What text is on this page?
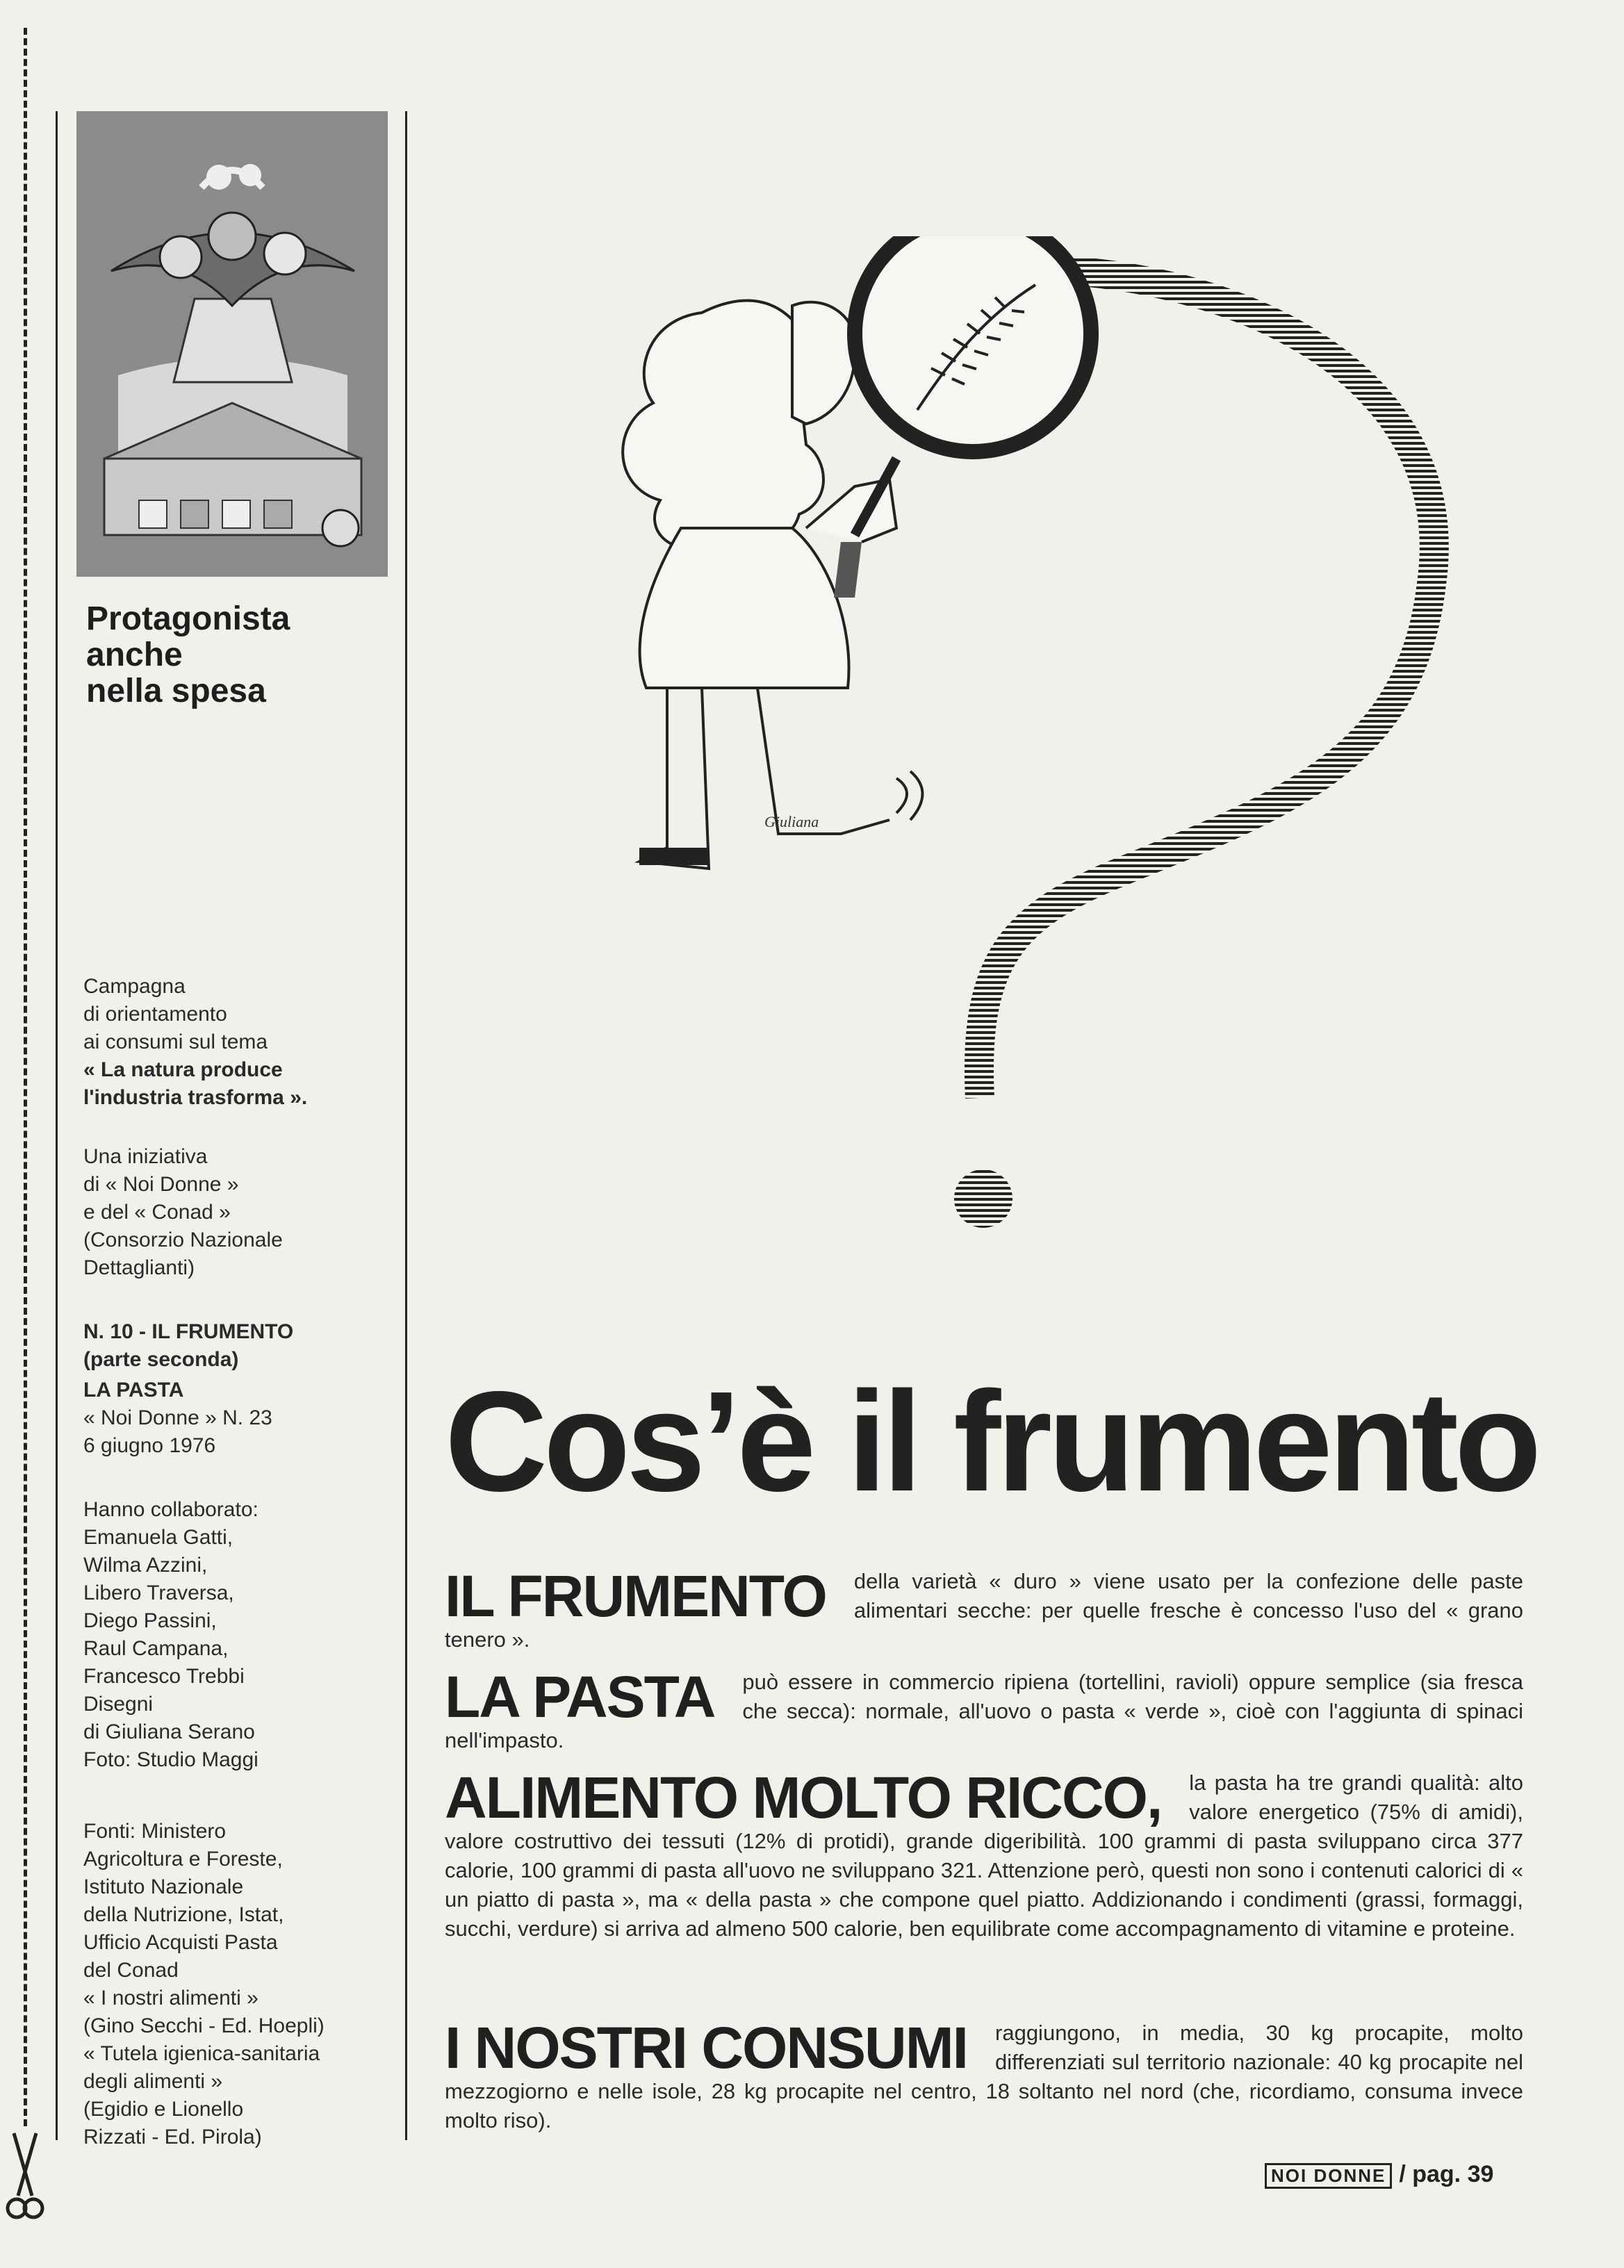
Protagonista
anche
nella spesa

Campagna

di orientamento

ai consumi sul tema

« La natura produce

l'industria trasforma ».

Una iniziativa

di « Noi Donne »

e del « Conad »

(Consorzio Nazionale

Dettaglianti)

N. 10 - IL FRUMENTO

(parte seconda)

LA PASTA

« Noi Donne » N. 23

6 giugno 1976

Hanno collaborato:

Emanuela Gatti,

Wilma Azzini,

Libero Traversa,

Diego Passini,

Raul Campana,

Francesco Trebbi

Disegni

di Giuliana Serano

Foto: Studio Maggi

Fonti: Ministero

Agricoltura e Foreste,

Istituto Nazionale

della Nutrizione, Istat,

Ufficio Acquisti Pasta

del Conad

« I nostri alimenti »

(Gino Secchi - Ed. Hoepli)

« Tutela igienica-sanitaria

degli alimenti »

(Egidio e Lionello

Rizzati - Ed. Pirola)

Giuliana
Cos’è il frumento
IL FRUMENTO della varietà « duro » viene usato per la confezione delle paste alimentari secche: per quelle fresche è concesso l'uso del « grano tenero ».
LA PASTA può essere in commercio ripiena (tortellini, ravioli) oppure semplice (sia fresca che secca): normale, all'uovo o pasta « verde », cioè con l'aggiunta di spinaci nell'impasto.
ALIMENTO MOLTO RICCO, la pasta ha tre grandi qualità: alto valore energetico (75% di amidi), valore costruttivo dei tessuti (12% di protidi), grande digeribilità. 100 grammi di pasta sviluppano circa 377 calorie, 100 grammi di pasta all'uovo ne sviluppano 321. Attenzione però, questi non sono i contenuti calorici di « un piatto di pasta », ma « della pasta » che compone quel piatto. Addizionando i condimenti (grassi, formaggi, succhi, verdure) si arriva ad almeno 500 calorie, ben equilibrate come accompagnamento di vitamine e proteine.
I NOSTRI CONSUMI raggiungono, in media, 30 kg procapite, molto differenziati sul territorio nazionale: 40 kg procapite nel mezzogiorno e nelle isole, 28 kg procapite nel centro, 18 soltanto nel nord (che, ricordiamo, consuma invece molto riso).
NOI DONNE / pag. 39
